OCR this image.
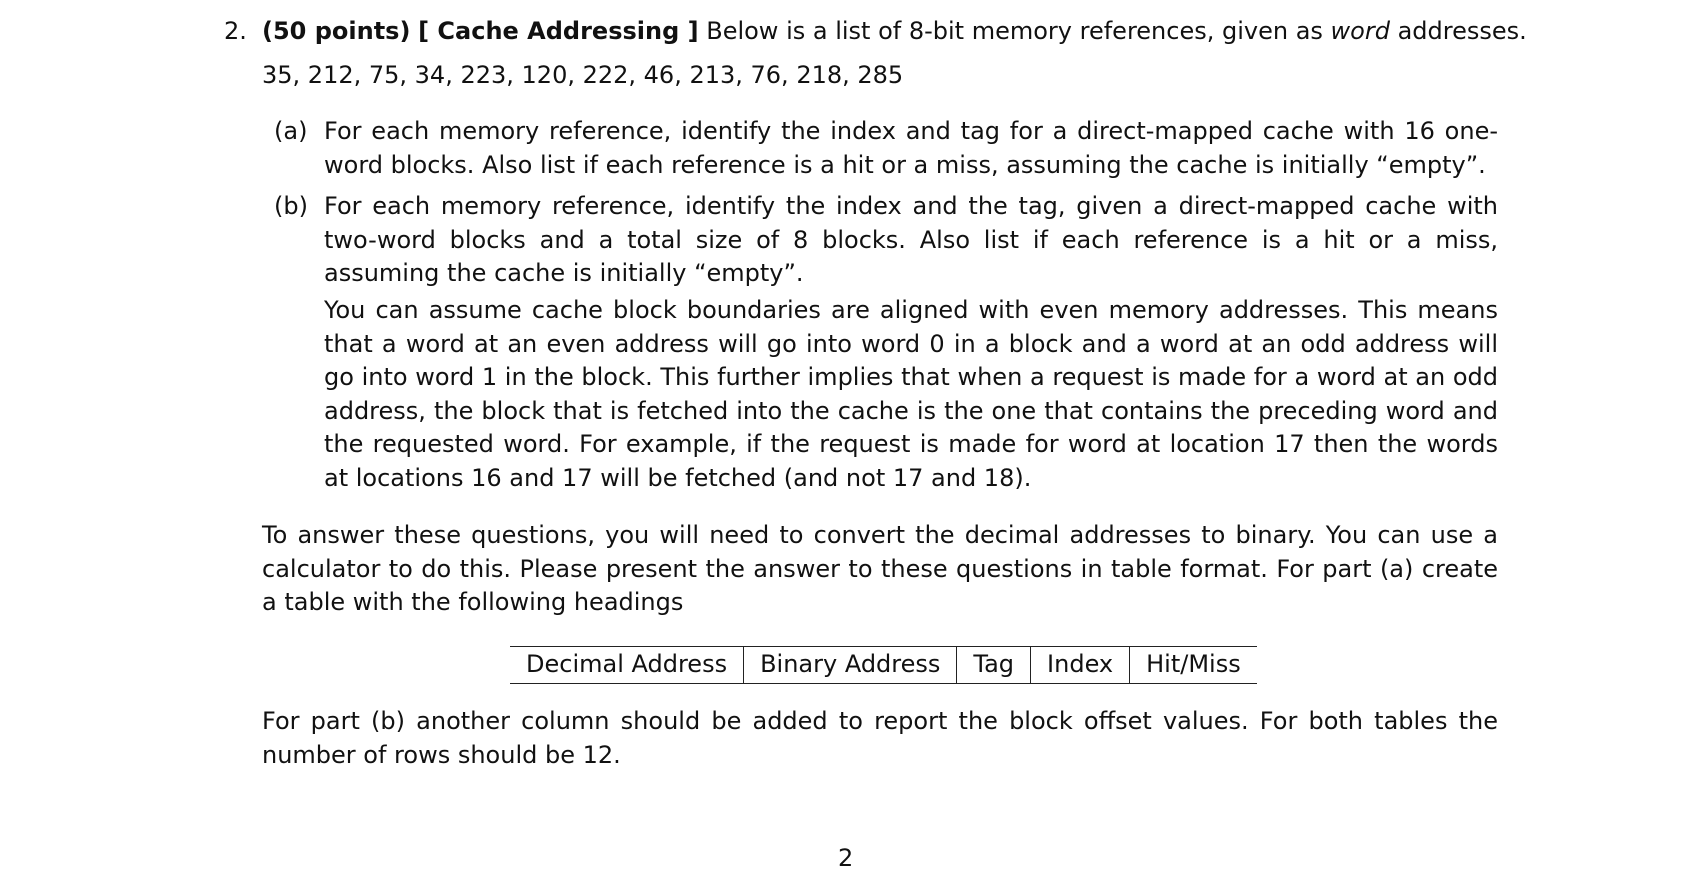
2. (50 points) [ Cache Addressing ] Below is a list of 8-bit memory references, given as word addresses.
35, 212, 75, 34, 223, 120, 222, 46, 213, 76, 218, 285
(a) For each memory reference, identify the index and tag for a direct-mapped cache with 16 one-word blocks. Also list if each reference is a hit or a miss, assuming the cache is initially “empty”.
(b) For each memory reference, identify the index and the tag, given a direct-mapped cache with two-word blocks and a total size of 8 blocks. Also list if each reference is a hit or a miss, assuming the cache is initially “empty”.
You can assume cache block boundaries are aligned with even memory addresses. This means that a word at an even address will go into word 0 in a block and a word at an odd address will go into word 1 in the block. This further implies that when a request is made for a word at an odd address, the block that is fetched into the cache is the one that contains the preceding word and the requested word. For example, if the request is made for word at location 17 then the words at locations 16 and 17 will be fetched (and not 17 and 18).
To answer these questions, you will need to convert the decimal addresses to binary. You can use a calculator to do this. Please present the answer to these questions in table format. For part (a) create a table with the following headings
Decimal Address	Binary Address	Tag	Index	Hit/Miss
For part (b) another column should be added to report the block offset values. For both tables the number of rows should be 12.
2
